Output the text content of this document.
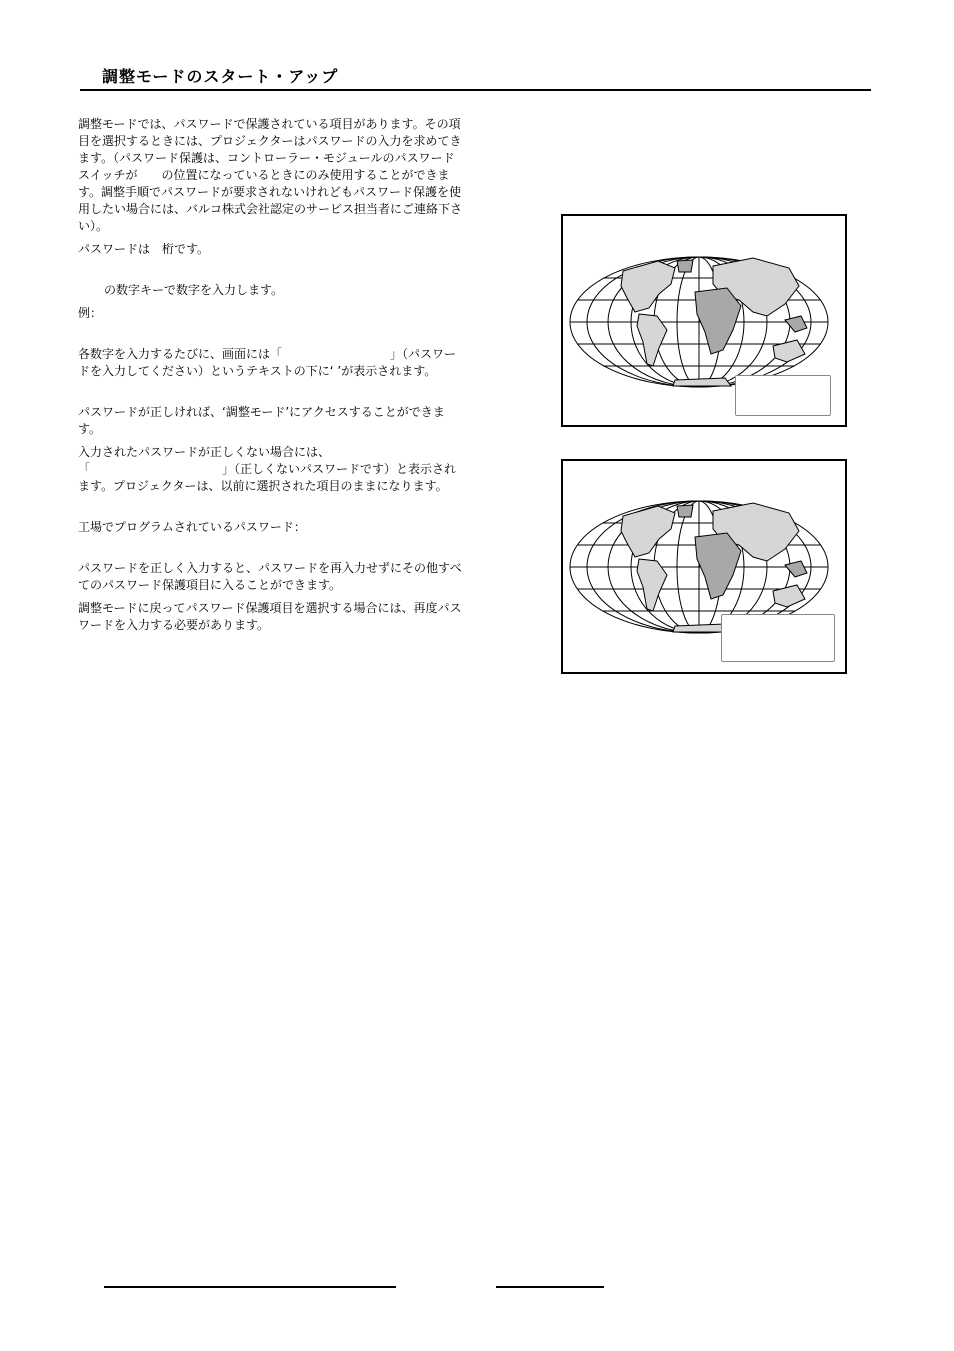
調整モードのスタート・アップ

調整モードでは、パスワードで保護されている項目があります。その項目を選択するときには、プロジェクターはパスワードの入力を求めてきます。（パスワード保護は、コントローラー・モジュールのパスワード　　スイッチが　　の位置になっているときにのみ使用することができます。調整手順でパスワードが要求されないけれどもパスワード保護を使用したい場合には、バルコ株式会社認定のサービス担当者にご連絡下さい）。

パスワードは　桁です。

の数字キーで数字を入力します。

例：

各数字を入力するたびに、画面には「　　　　　　　　　」（パスワードを入力してください）というテキストの下に‘ ’が表示されます。

パスワードが正しければ、‘調整モード’にアクセスすることができます。

入力されたパスワードが正しくない場合には、「　　　　　　　　　　　」（正しくないパスワードです）と表示されます。プロジェクターは、以前に選択された項目のままになります。

工場でプログラムされているパスワード：

パスワードを正しく入力すると、パスワードを再入力せずにその他すべてのパスワード保護項目に入ることができます。

調整モードに戻ってパスワード保護項目を選択する場合には、再度パスワードを入力する必要があります。
